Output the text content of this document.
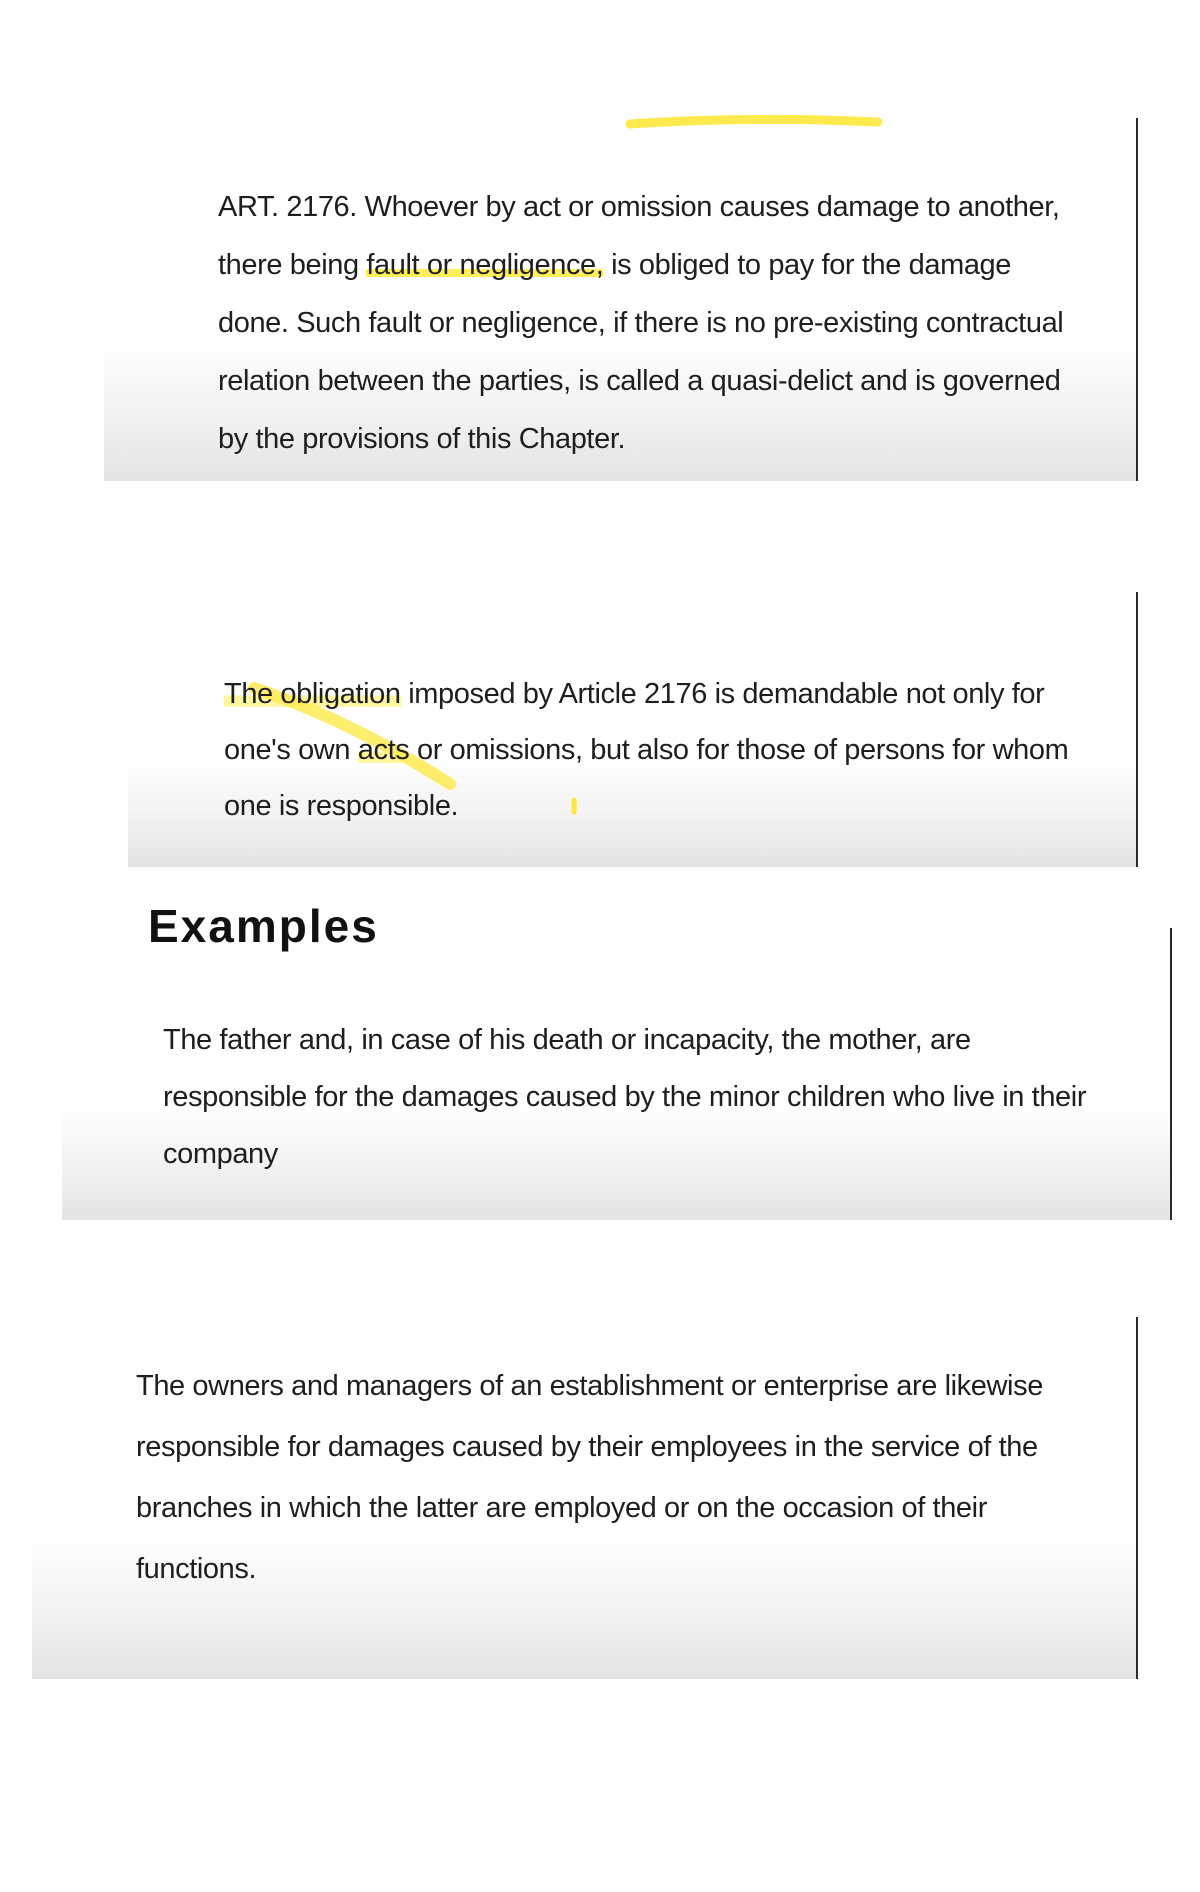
ART. 2176. Whoever by act or omission causes damage to another, there being fault or negligence, is obliged to pay for the damage done. Such fault or negligence, if there is no pre-existing contractual relation between the parties, is called a quasi-delict and is governed by the provisions of this Chapter.

The obligation imposed by Article 2176 is demandable not only for one's own acts or omissions, but also for those of persons for whom one is responsible.

Examples

The father and, in case of his death or incapacity, the mother, are responsible for the damages caused by the minor children who live in their company

The owners and managers of an establishment or enterprise are likewise responsible for damages caused by their employees in the service of the branches in which the latter are employed or on the occasion of their functions.
